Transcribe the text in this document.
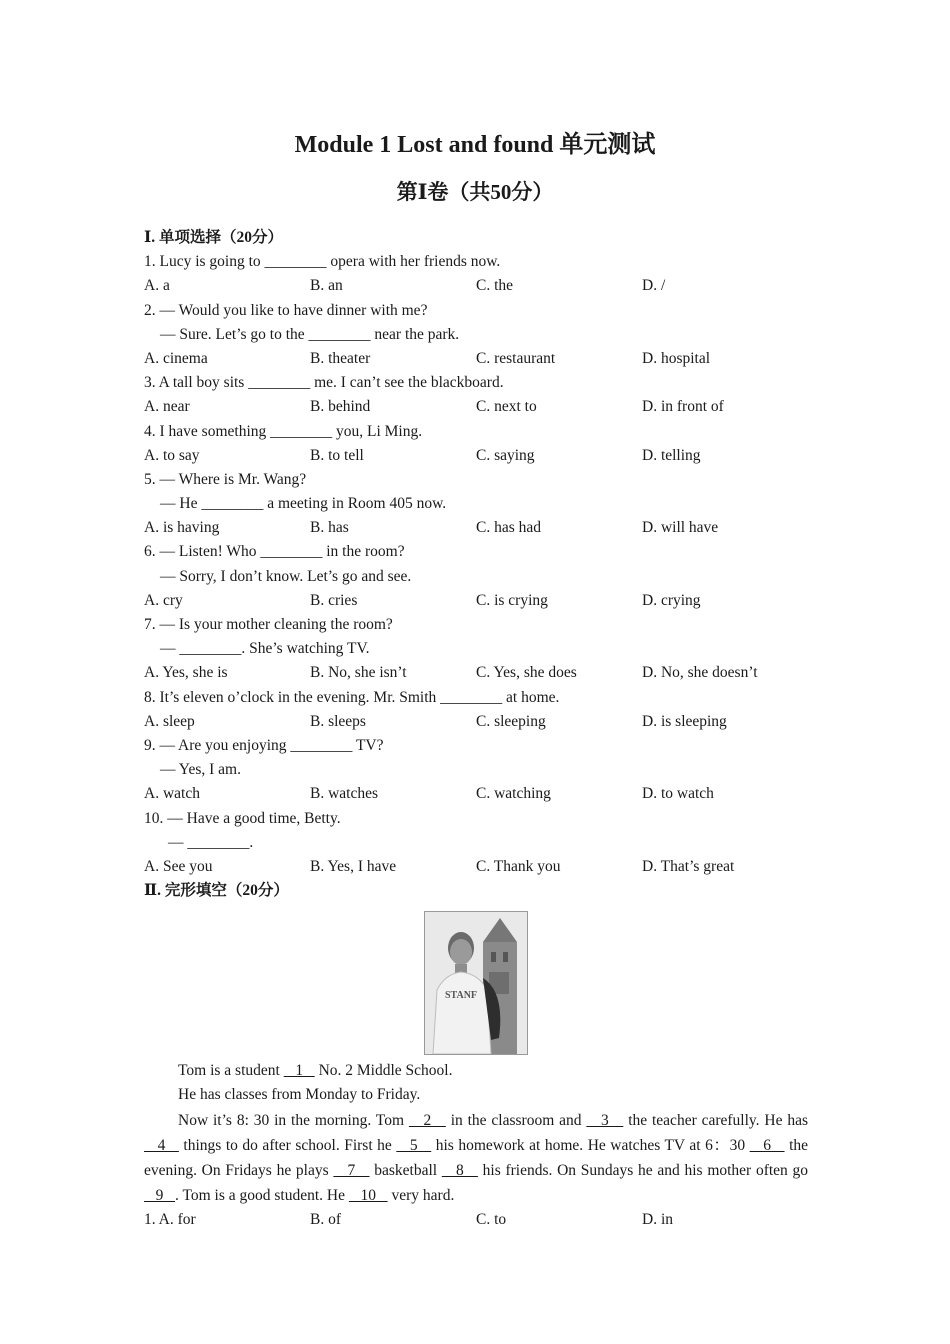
Module 1 Lost and found 单元测试
第Ⅰ卷（共50分）
Ⅰ. 单项选择（20分）
1. Lucy is going to ________ opera with her friends now.
A. a	B. an	C. the	D. /
2. — Would you like to have dinner with me?
— Sure. Let’s go to the ________ near the park.
A. cinema	B. theater	C. restaurant	D. hospital
3. A tall boy sits ________ me. I can’t see the blackboard.
A. near	B. behind	C. next to	D. in front of
4. I have something ________ you, Li Ming.
A. to say	B. to tell	C. saying	D. telling
5. — Where is Mr. Wang?
— He ________ a meeting in Room 405 now.
A. is having	B. has	C. has had	D. will have
6. — Listen! Who ________ in the room?
— Sorry, I don’t know. Let’s go and see.
A. cry	B. cries	C. is crying	D. crying
7. — Is your mother cleaning the room?
— ________. She’s watching TV.
A. Yes, she is	B. No, she isn’t	C. Yes, she does	D. No, she doesn’t
8. It’s eleven o’clock in the evening. Mr. Smith ________ at home.
A. sleep	B. sleeps	C. sleeping	D. is sleeping
9. — Are you enjoying ________ TV?
— Yes, I am.
A. watch	B. watches	C. watching	D. to watch
10. — Have a good time, Betty.
— ________.
A. See you	B. Yes, I have	C. Thank you	D. That’s great
Ⅱ. 完形填空（20分）
STANF
Tom is a student    1    No. 2 Middle School.
He has classes from Monday to Friday.

Now it’s 8: 30 in the morning. Tom    2    in the classroom and    3    the teacher carefully. He has    4    things to do after school. First he    5    his homework at home. He watches TV at 6：30    6    the evening. On Fridays he plays    7    basketball    8    his friends. On Sundays he and his mother often go    9   . Tom is a good student. He    10    very hard.

1. A. for	B. of	C. to	D. in
